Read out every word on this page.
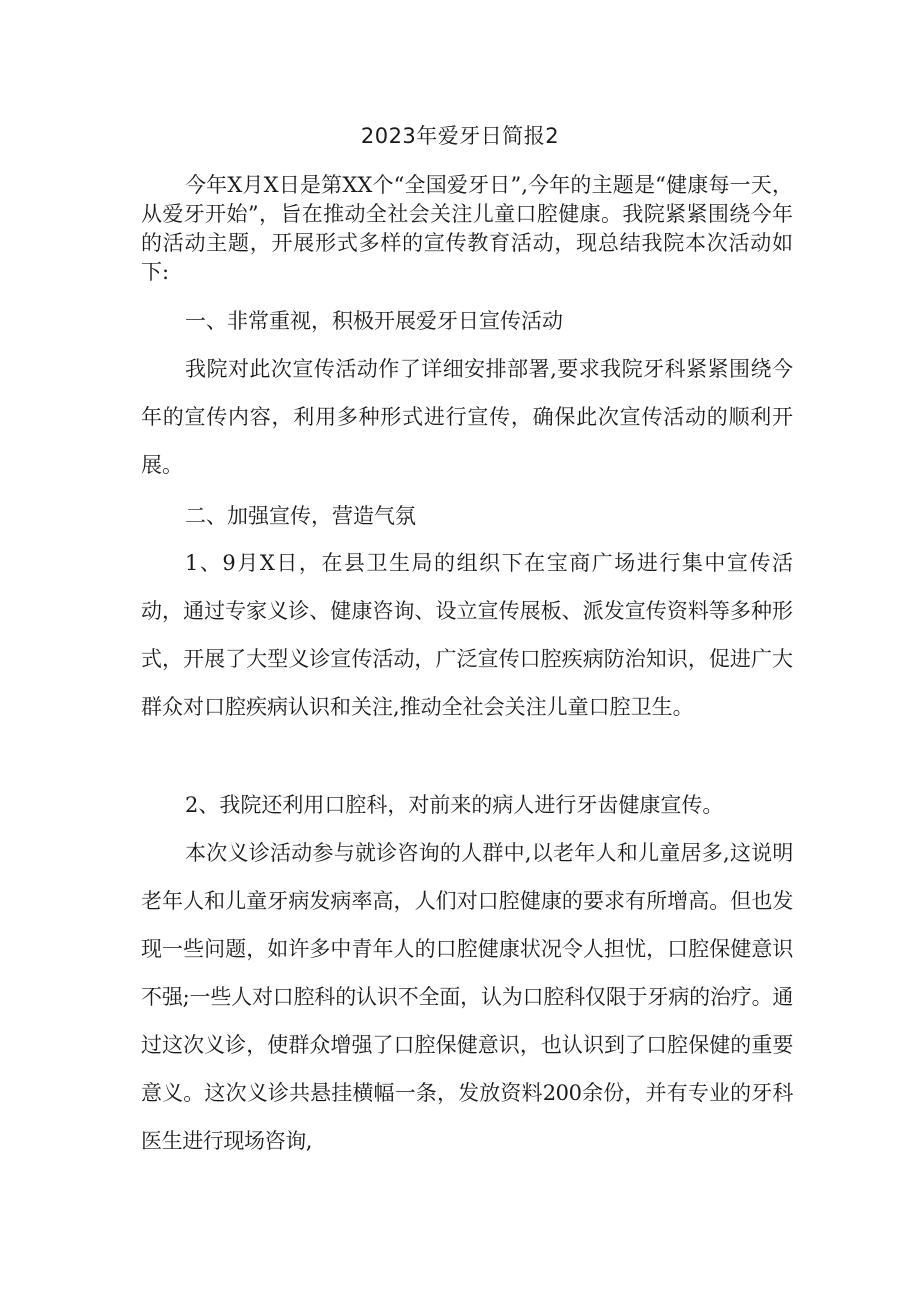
2023年爱牙日简报2

今年X月X日是第XX个“全国爱牙日”,今年的主题是“健康每一天，从爱牙开始”，旨在推动全社会关注儿童口腔健康。我院紧紧围绕今年的活动主题，开展形式多样的宣传教育活动，现总结我院本次活动如下:

一、非常重视，积极开展爱牙日宣传活动

我院对此次宣传活动作了详细安排部署,要求我院牙科紧紧围绕今年的宣传内容，利用多种形式进行宣传，确保此次宣传活动的顺利开展。

二、加强宣传，营造气氛

1、9月X日，在县卫生局的组织下在宝商广场进行集中宣传活动，通过专家义诊、健康咨询、设立宣传展板、派发宣传资料等多种形式，开展了大型义诊宣传活动，广泛宣传口腔疾病防治知识，促进广大群众对口腔疾病认识和关注,推动全社会关注儿童口腔卫生。

2、我院还利用口腔科，对前来的病人进行牙齿健康宣传。

本次义诊活动参与就诊咨询的人群中,以老年人和儿童居多,这说明老年人和儿童牙病发病率高，人们对口腔健康的要求有所增高。但也发现一些问题，如许多中青年人的口腔健康状况令人担忧，口腔保健意识不强;一些人对口腔科的认识不全面，认为口腔科仅限于牙病的治疗。通过这次义诊，使群众增强了口腔保健意识，也认识到了口腔保健的重要意义。这次义诊共悬挂横幅一条，发放资料200余份，并有专业的牙科医生进行现场咨询,
